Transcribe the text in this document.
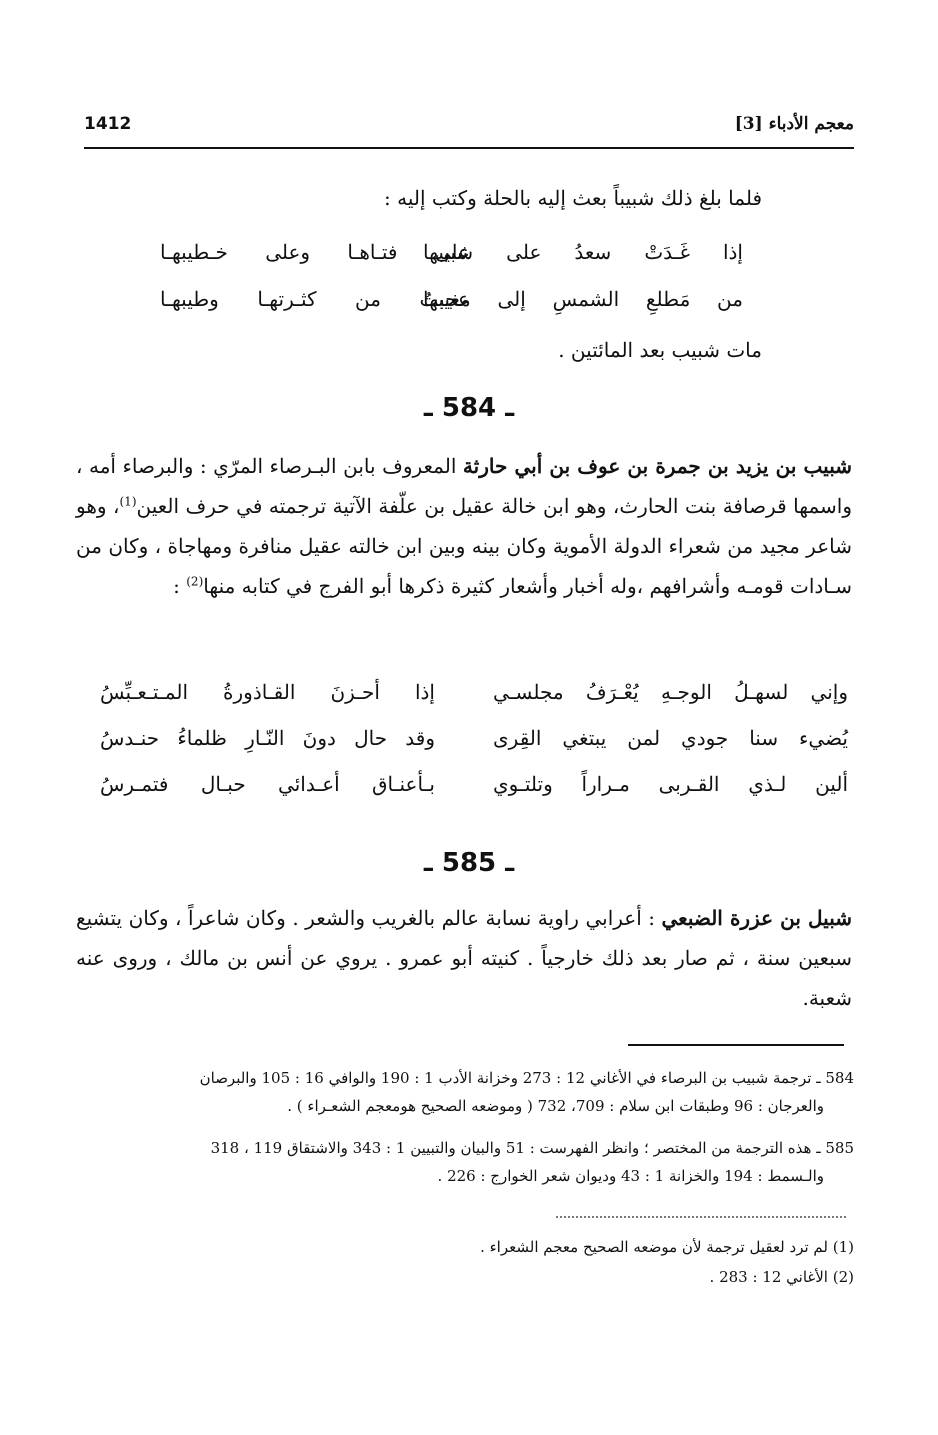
معجم الأدباء [3]
1412
فلما بلغ ذلك شبيباً بعث إليه بالحلة وكتب إليه :
إذا غَـدَتْ سعدُ على شبيبها
على فتـاهـا وعلى خـطيبهـا
من مَطلعِ الشمسِ إلى مغيبها
عجبتُ من كثـرتهـا وطيبهـا
مات شبيب بعد المائتين .
ـ 584 ـ
شبيب بن يزيد بن جمرة بن عوف بن أبي حارثة المعروف بابن البـرصاء المرّي : والبرصاء أمه ، واسمها قرصافة بنت الحارث، وهو ابن خالة عقيل بن علّفة الآتية ترجمته في حرف العين$^{(1)}$، وهو شاعر مجيد من شعراء الدولة الأموية وكان بينه وبين ابن خالته عقيل منافرة ومهاجاة ، وكان من سـادات قومـه وأشرافهم ،وله أخبار وأشعار كثيرة ذكرها أبو الفرج في كتابه منها$^{(2)}$ :
وإني لسهـلُ الوجـهِ يُعْـرَفُ مجلسـي
إذا أحـزنَ القـاذورةُ المـتـعـبِّسُ
يُضيء سنا جودي لمن يبتغي القِرى
وقد حال دونَ النّـارِ ظلماءُ حنـدسُ
ألين لـذي القـربى مـراراً وتلتـوي
بـأعنـاق أعـدائي حبـال فتمـرسُ
ـ 585 ـ
شبيل بن عزرة الضبعي : أعرابي راوية نسابة عالم بالغريب والشعر . وكان شاعراً ، وكان يتشيع سبعين سنة ، ثم صار بعد ذلك خارجياً . كنيته أبو عمرو . يروي عن أنس بن مالك ، وروى عنه شعبة.
584 ـ ترجمة شبيب بن البرصاء في الأغاني 12 : 273 وخزانة الأدب 1 : 190 والوافي 16 : 105 والبرصان
والعرجان : 96 وطبقات ابن سلام : 709، 732 ( وموضعه الصحيح هومعجم الشعـراء ) .
585 ـ هذه الترجمة من المختصر ؛ وانظر الفهرست : 51 والبيان والتبيين 1 : 343 والاشتقاق 119 ، 318
والـسمط : 194 والخزانة 1 : 43 وديوان شعر الخوارج : 226 .
(1) لم ترد لعقيل ترجمة لأن موضعه الصحيح معجم الشعراء .
(2) الأغاني 12 : 283 .
